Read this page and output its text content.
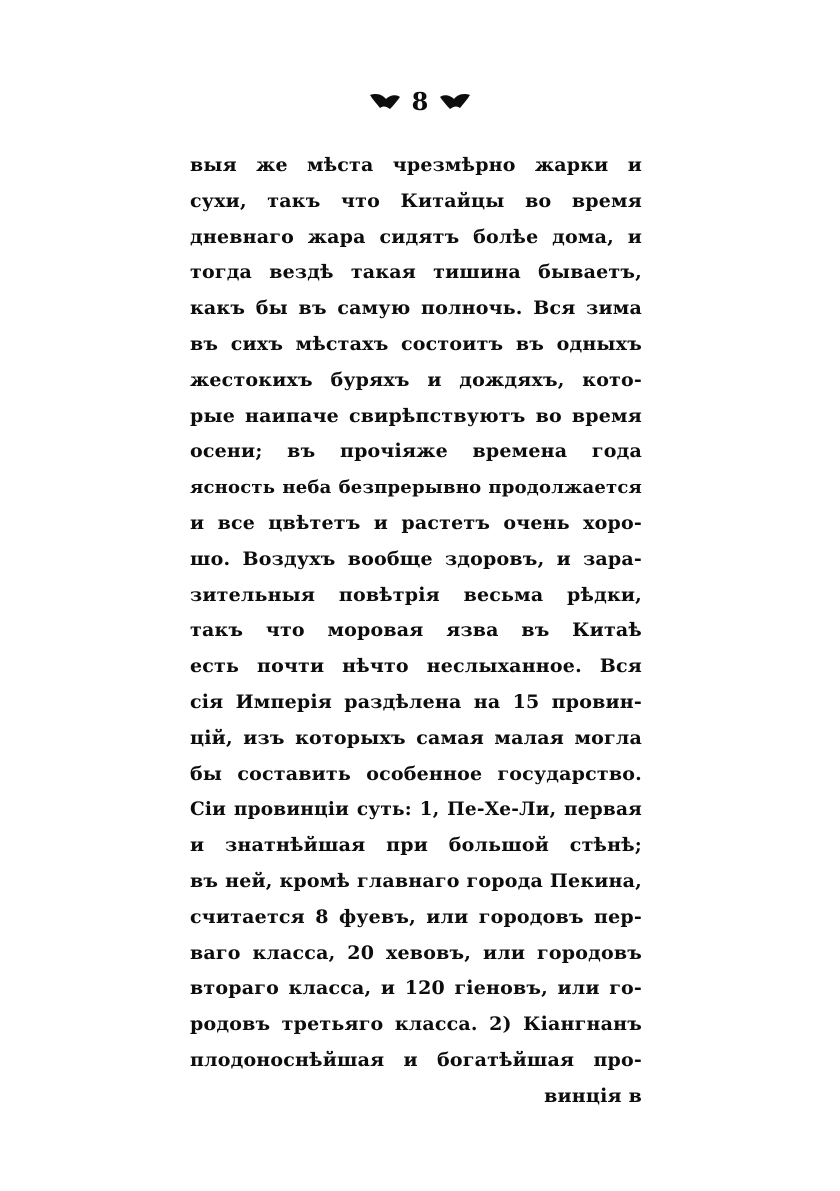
8
выя же мѣста чрезмѣрно жарки и
сухи, такъ что Китайцы во время
дневнаго жара сидятъ болѣе дома, и
тогда вездѣ такая тишина бываетъ,
какъ бы въ самую полночь. Вся зима
въ сихъ мѣстахъ состоитъ въ одныхъ
жестокихъ буряхъ и дождяхъ, кото-
рые наипаче свирѣпствуютъ во время
осени; въ прочіяже времена года
ясность неба безпрерывно продолжается
и все цвѣтетъ и растетъ очень хоро-
шо. Воздухъ вообще здоровъ, и зара-
зительныя повѣтрія весьма рѣдки,
такъ что моровая язва въ Китаѣ
есть почти нѣчто неслыханное. Вся
сія Имперія раздѣлена на 15 провин-
цій, изъ которыхъ самая малая могла
бы составить особенное государство.
Сіи провинціи суть: 1, Пе-Хе-Ли, первая
и знатнѣйшая при большой стѣнѣ;
въ ней, кромѣ главнаго города Пекина,
считается 8 фуевъ, или городовъ пер-
ваго класса, 20 хевовъ, или городовъ
втораго класса, и 120 гіеновъ, или го-
родовъ третьяго класса. 2) Кіангнанъ
плодоноснѣйшая и богатѣйшая про-
винція в
